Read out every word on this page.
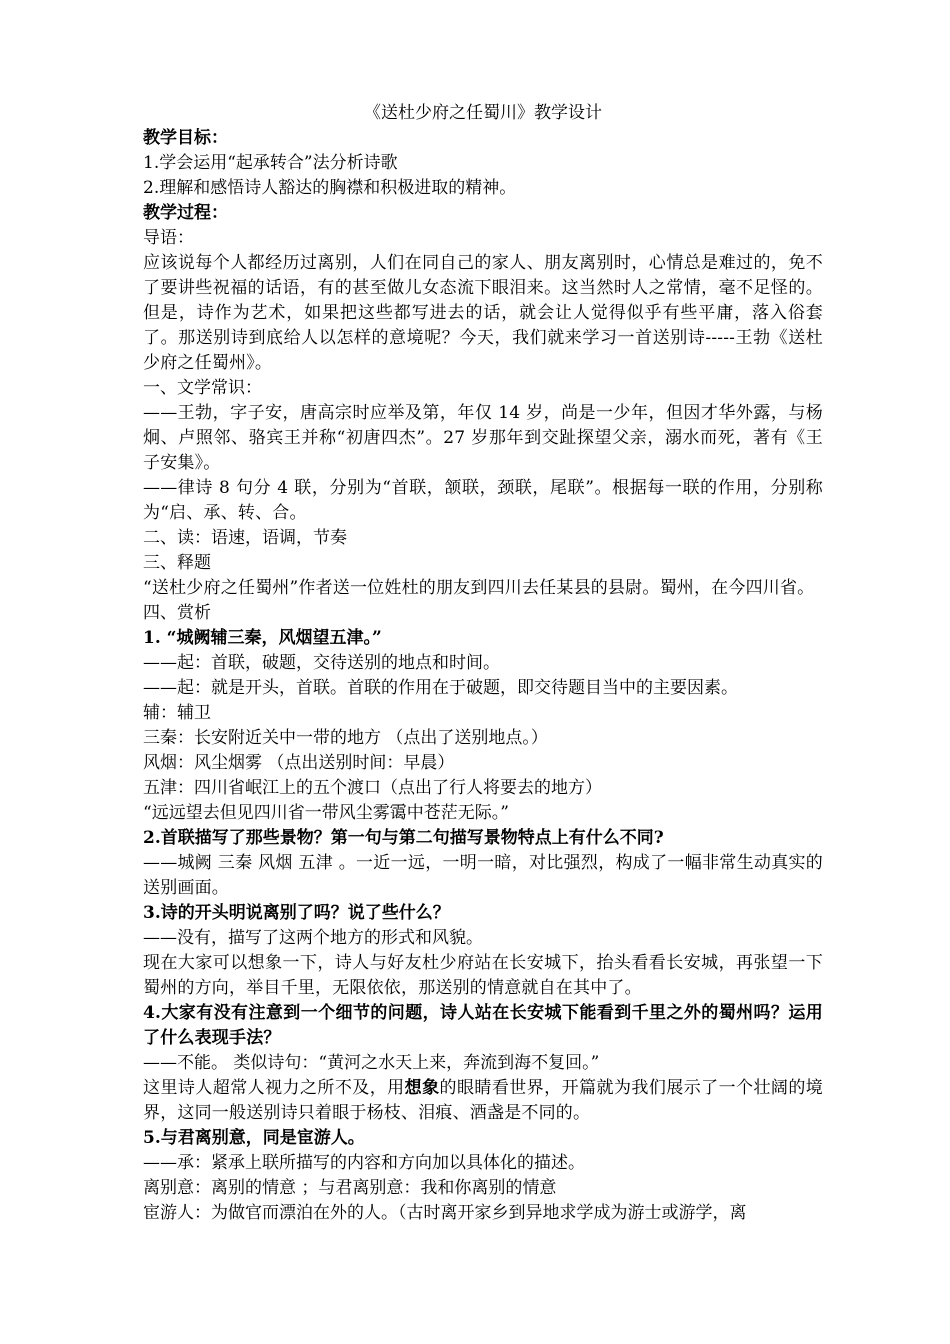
《送杜少府之任蜀川》教学设计
教学目标：
1.学会运用“起承转合”法分析诗歌
2.理解和感悟诗人豁达的胸襟和积极进取的精神。
教学过程：
导语：
应该说每个人都经历过离别，人们在同自己的家人、朋友离别时，心情总是难过的，免不了要讲些祝福的话语，有的甚至做儿女态流下眼泪来。这当然时人之常情，毫不足怪的。但是，诗作为艺术，如果把这些都写进去的话，就会让人觉得似乎有些平庸，落入俗套了。那送别诗到底给人以怎样的意境呢？今天，我们就来学习一首送别诗-----王勃《送杜少府之任蜀州》。
一、文学常识：
——王勃，字子安，唐高宗时应举及第，年仅 14 岁，尚是一少年，但因才华外露，与杨炯、卢照邻、骆宾王并称“初唐四杰”。27 岁那年到交趾探望父亲，溺水而死，著有《王子安集》。
——律诗 8 句分 4 联，分别为“首联，颔联，颈联，尾联”。根据每一联的作用，分别称为“启、承、转、合。
二、读：语速，语调，节奏
三、释题
“送杜少府之任蜀州”作者送一位姓杜的朋友到四川去任某县的县尉。蜀州，在今四川省。
四、赏析
1. “城阙辅三秦，风烟望五津。”
——起：首联，破题，交待送别的地点和时间。
——起：就是开头，首联。首联的作用在于破题，即交待题目当中的主要因素。
辅：辅卫
三秦：长安附近关中一带的地方 （点出了送别地点。）
风烟：风尘烟雾 （点出送别时间：早晨）
五津：四川省岷江上的五个渡口（点出了行人将要去的地方）
“远远望去但见四川省一带风尘雾霭中苍茫无际。”
2.首联描写了那些景物？第一句与第二句描写景物特点上有什么不同?
——城阙 三秦 风烟 五津 。一近一远，一明一暗，对比强烈，构成了一幅非常生动真实的送别画面。
3.诗的开头明说离别了吗？说了些什么？
——没有，描写了这两个地方的形式和风貌。
现在大家可以想象一下，诗人与好友杜少府站在长安城下，抬头看看长安城，再张望一下蜀州的方向，举目千里，无限依依，那送别的情意就自在其中了。
4.大家有没有注意到一个细节的问题，诗人站在长安城下能看到千里之外的蜀州吗？运用了什么表现手法？
——不能。 类似诗句：“黄河之水天上来，奔流到海不复回。”
这里诗人超常人视力之所不及，用想象的眼睛看世界，开篇就为我们展示了一个壮阔的境界，这同一般送别诗只着眼于杨枝、泪痕、酒盏是不同的。
5.与君离别意，同是宦游人。
——承：紧承上联所描写的内容和方向加以具体化的描述。
离别意：离别的情意 ；与君离别意：我和你离别的情意
宦游人：为做官而漂泊在外的人。（古时离开家乡到异地求学成为游士或游学，离
